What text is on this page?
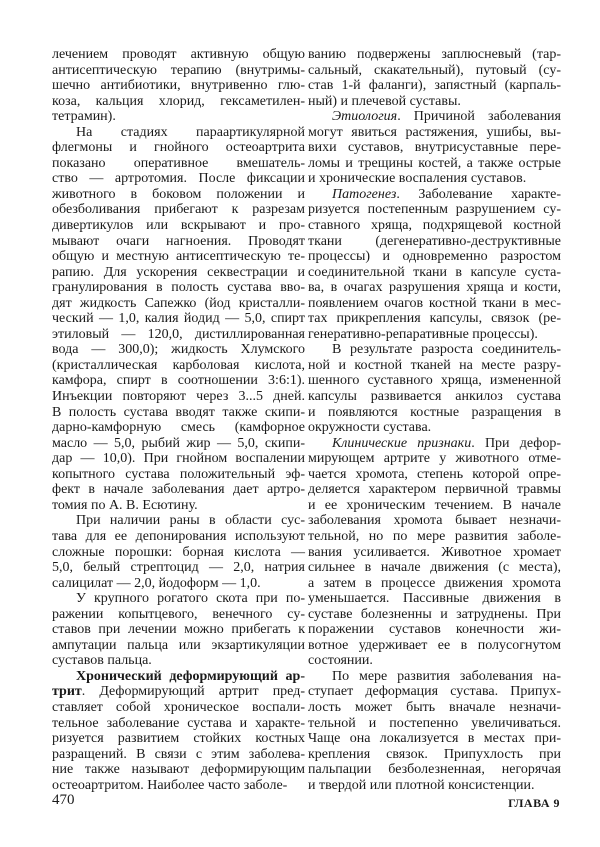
лечением проводят активную общую
антисептическую терапию (внутримы-
шечно антибиотики, внутривенно глю-
коза, кальция хлорид, гексаметилен-
тетрамин).
На стадиях параартикулярной
флегмоны и гнойного остеоартрита
показано оперативное вмешатель-
ство — артротомия. После фиксации
животного в боковом положении и
обезболивания прибегают к разрезам
дивертикулов или вскрывают и про-
мывают очаги нагноения. Проводят
общую и местную антисептическую те-
рапию. Для ускорения секвестрации и
гранулирования в полость сустава вво-
дят жидкость Сапежко (йод кристалли-
ческий — 1,0, калия йодид — 5,0, спирт
этиловый — 120,0, дистиллированная
вода — 300,0); жидкость Хлумского
(кристаллическая карболовая кислота,
камфора, спирт в соотношении 3:6:1).
Инъекции повторяют через 3...5 дней.
В полость сустава вводят также скипи-
дарно-камфорную смесь (камфорное
масло — 5,0, рыбий жир — 5,0, скипи-
дар — 10,0). При гнойном воспалении
копытного сустава положительный эф-
фект в начале заболевания дает артро-
томия по А. В. Есютину.
При наличии раны в области сус-
тава для ее депонирования используют
сложные порошки: борная кислота —
5,0, белый стрептоцид — 2,0, натрия
салицилат — 2,0, йодоформ — 1,0.
У крупного рогатого скота при по-
ражении копытцевого, венечного су-
ставов при лечении можно прибегать к
ампутации пальца или экзартикуляции
суставов пальца.
Хронический деформирующий ар-
трит. Деформирующий артрит пред-
ставляет собой хроническое воспали-
тельное заболевание сустава и характе-
ризуется развитием стойких костных
разращений. В связи с этим заболева-
ние также называют деформирующим
остеоартритом. Наиболее часто заболе-
ванию подвержены заплюсневый (тар-
сальный, скакательный), путовый (су-
став 1-й фаланги), запястный (карпаль-
ный) и плечевой суставы.
Этиология. Причиной заболевания
могут явиться растяжения, ушибы, вы-
вихи суставов, внутрисуставные пере-
ломы и трещины костей, а также острые
и хронические воспаления суставов.
Патогенез. Заболевание характе-
ризуется постепенным разрушением су-
ставного хряща, подхрящевой костной
ткани (дегенеративно-деструктивные
процессы) и одновременно разростом
соединительной ткани в капсуле суста-
ва, в очагах разрушения хряща и кости,
появлением очагов костной ткани в мес-
тах прикрепления капсулы, связок (ре-
генеративно-репаративные процессы).
В результате разроста соединитель-
ной и костной тканей на месте разру-
шенного суставного хряща, измененной
капсулы развивается анкилоз сустава
и появляются костные разращения в
окружности сустава.
Клинические признаки. При дефор-
мирующем артрите у животного отме-
чается хромота, степень которой опре-
деляется характером первичной травмы
и ее хроническим течением. В начале
заболевания хромота бывает незначи-
тельной, но по мере развития заболе-
вания усиливается. Животное хромает
сильнее в начале движения (с места),
а затем в процессе движения хромота
уменьшается. Пассивные движения в
суставе болезненны и затруднены. При
поражении суставов конечности жи-
вотное удерживает ее в полусогнутом
состоянии.
По мере развития заболевания на-
ступает деформация сустава. Припух-
лость может быть вначале незначи-
тельной и постепенно увеличиваться.
Чаще она локализуется в местах при-
крепления связок. Припухлость при
пальпации безболезненная, негорячая
и твердой или плотной консистенции.
470	ГЛАВА 9
